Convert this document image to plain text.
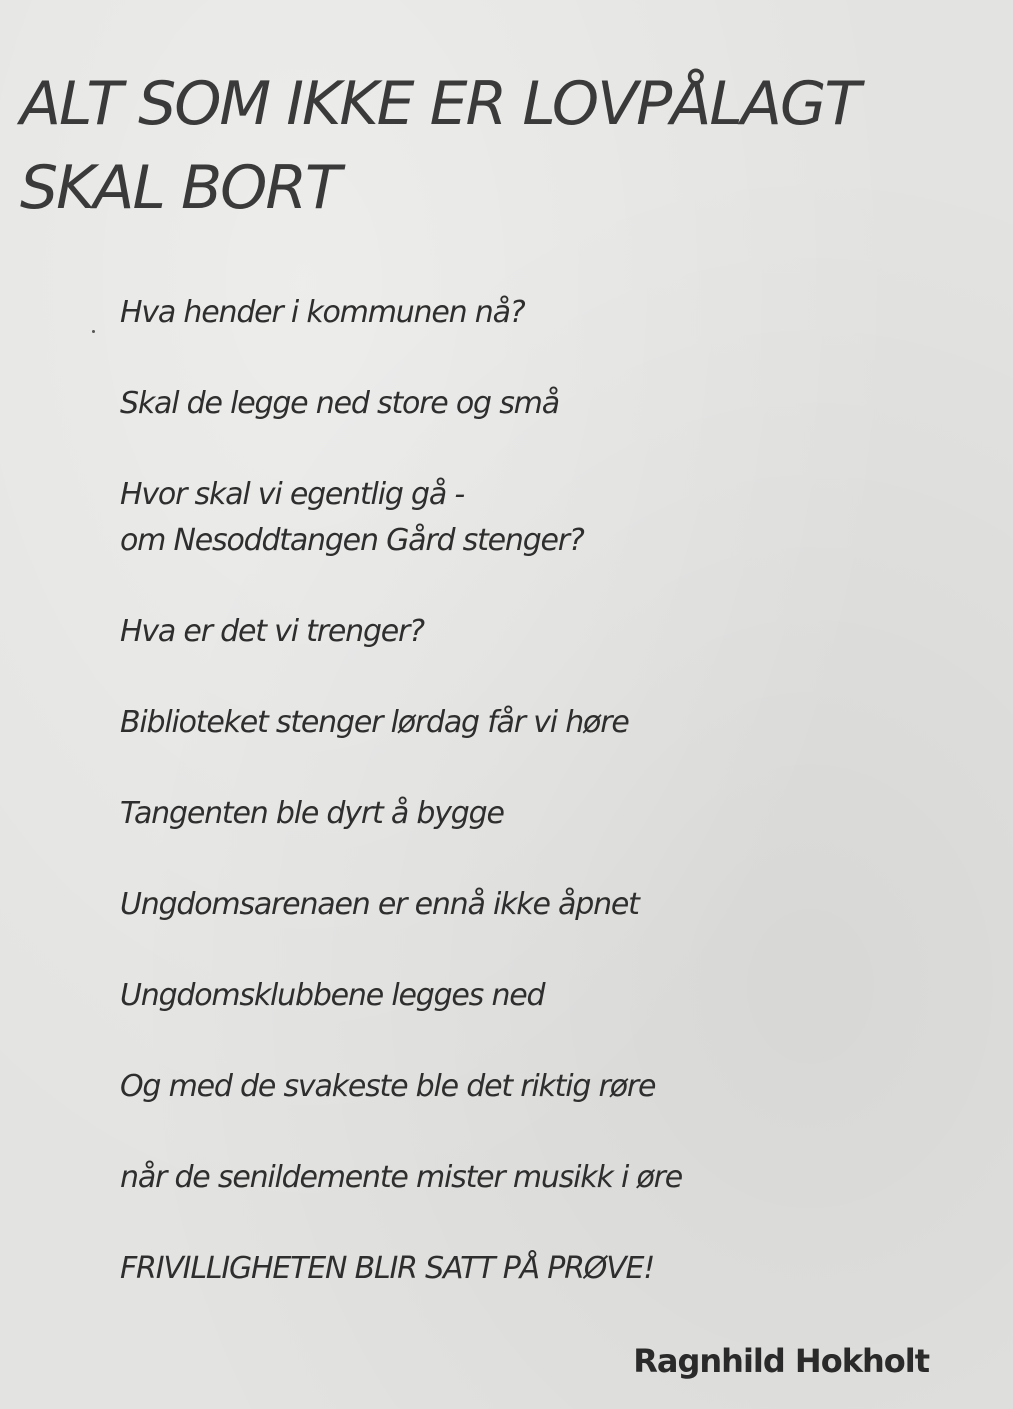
ALT SOM IKKE ER LOVPÅLAGT
SKAL BORT

Hva hender i kommunen nå?

Skal de legge ned store og små

Hvor skal vi egentlig gå -
om Nesoddtangen Gård stenger?

Hva er det vi trenger?

Biblioteket stenger lørdag får vi høre

Tangenten ble dyrt å bygge

Ungdomsarenaen er ennå ikke åpnet

Ungdomsklubbene legges ned

Og med de svakeste ble det riktig røre

når de senildemente mister musikk i øre

FRIVILLIGHETEN BLIR SATT PÅ PRØVE!

Ragnhild Hokholt
